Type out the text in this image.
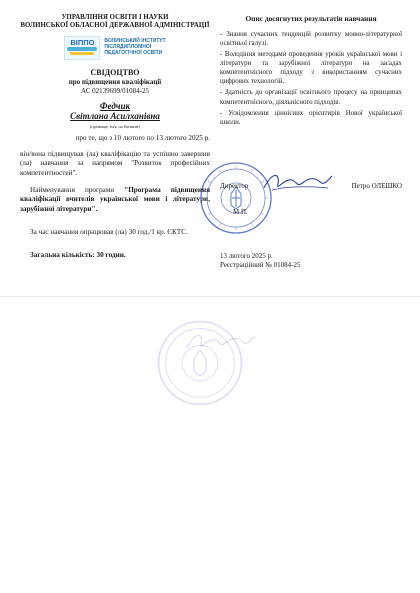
УПРАВЛІННЯ ОСВІТИ І НАУКИ
ВОЛИНСЬКОЇ ОБЛАСНОЇ ДЕРЖАВНОЇ АДМІНІСТРАЦІЇ
ВІППО	ВОЛИНСЬКИЙ ІНСТИТУТ
ПІСЛЯДИПЛОМНОЇ
ПЕДАГОГІЧНОЇ ОСВІТИ
СВІДОЦТВО
про підвищення кваліфікації
АС 02139699/01084-25
Федчик
Світлана Асилханівна
(прізвище, ім'я, по батькові)

про те, що з 10 лютого по 13 лютого 2025 р.

він/вона підвищував (ла) кваліфікацію та успішно завершив (ла) навчання за напрямом "Розвиток професійних компетентностей".

Найменування програми "Програма підвищення кваліфікації вчителів української мови і літератури, зарубіжної літератури".

За час навчання опрацював (ла) 30 год./1 кр. ЄКТС.

Загальна кількість: 30 годин.

Опис досягнутих результатів навчання

- Знання сучасних тенденцій розвитку мовно-літературної освітньої галузі.

- Володіння методами проведення уроків української мови і літератури та зарубіжної літератури на засадах компетентнісного підходу з використанням сучасних цифрових технологій.

- Здатність до організації освітнього процесу на принципах компетентнісного, діяльнісного підходів.

- Усвідомлення ціннісних орієнтирів Нової української школи.

Директор	Петро ОЛЕШКО
М.П.
13 лютого 2025 р.
Реєстраційний № 01084-25
